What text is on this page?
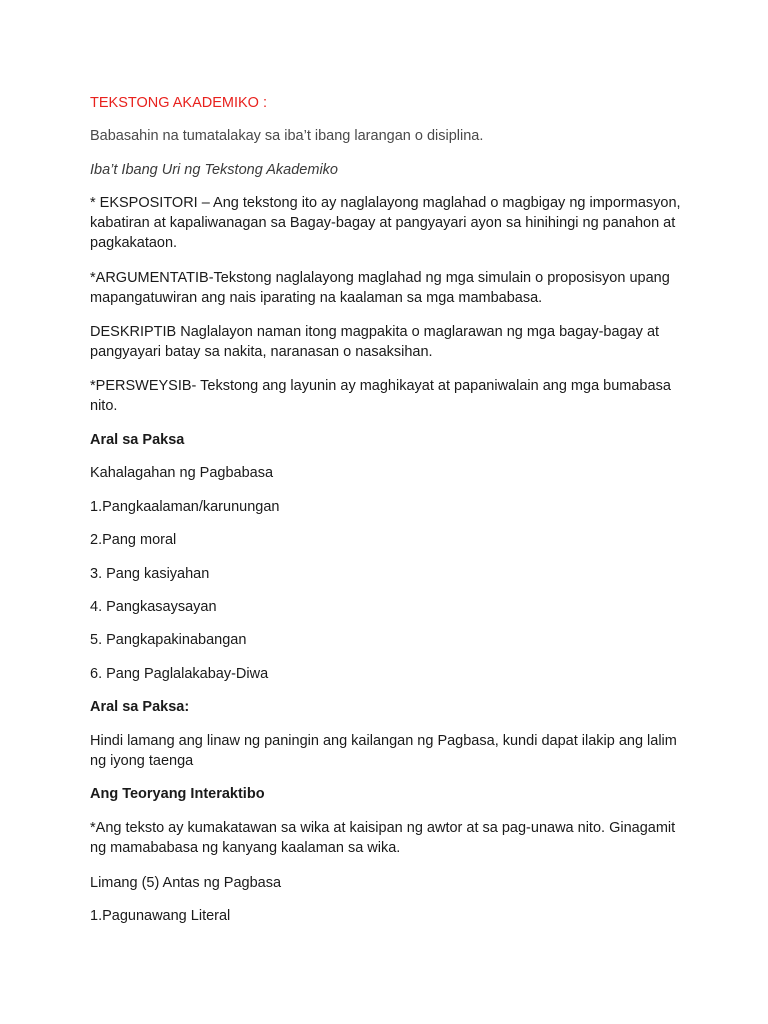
TEKSTONG AKADEMIKO :

Babasahin na tumatalakay sa iba’t ibang larangan o disiplina.

Iba’t Ibang Uri ng Tekstong Akademiko

* EKSPOSITORI – Ang tekstong ito ay naglalayong maglahad o magbigay ng impormasyon, kabatiran at kapaliwanagan sa Bagay-bagay at pangyayari ayon sa hinihingi ng panahon at pagkakataon.

*ARGUMENTATIB-Tekstong naglalayong maglahad ng mga simulain o proposisyon upang mapangatuwiran ang nais iparating na kaalaman sa mga mambabasa.

DESKRIPTIB Naglalayon naman itong magpakita o maglarawan ng mga bagay-bagay at pangyayari batay sa nakita, naranasan o nasaksihan.

*PERSWEYSIB- Tekstong ang layunin ay maghikayat at papaniwalain ang mga bumabasa nito.

Aral sa Paksa

Kahalagahan ng Pagbabasa

1.Pangkaalaman/karunungan

2.Pang moral

3. Pang kasiyahan

4. Pangkasaysayan

5. Pangkapakinabangan

6. Pang Paglalakabay-Diwa

Aral sa Paksa:

Hindi lamang ang linaw ng paningin ang kailangan ng Pagbasa, kundi dapat ilakip ang lalim ng iyong taenga

Ang Teoryang Interaktibo

*Ang teksto ay kumakatawan sa wika at kaisipan ng awtor at sa pag-unawa nito. Ginagamit ng mamababasa ng kanyang kaalaman sa wika.

Limang (5) Antas ng Pagbasa

1.Pagunawang Literal
